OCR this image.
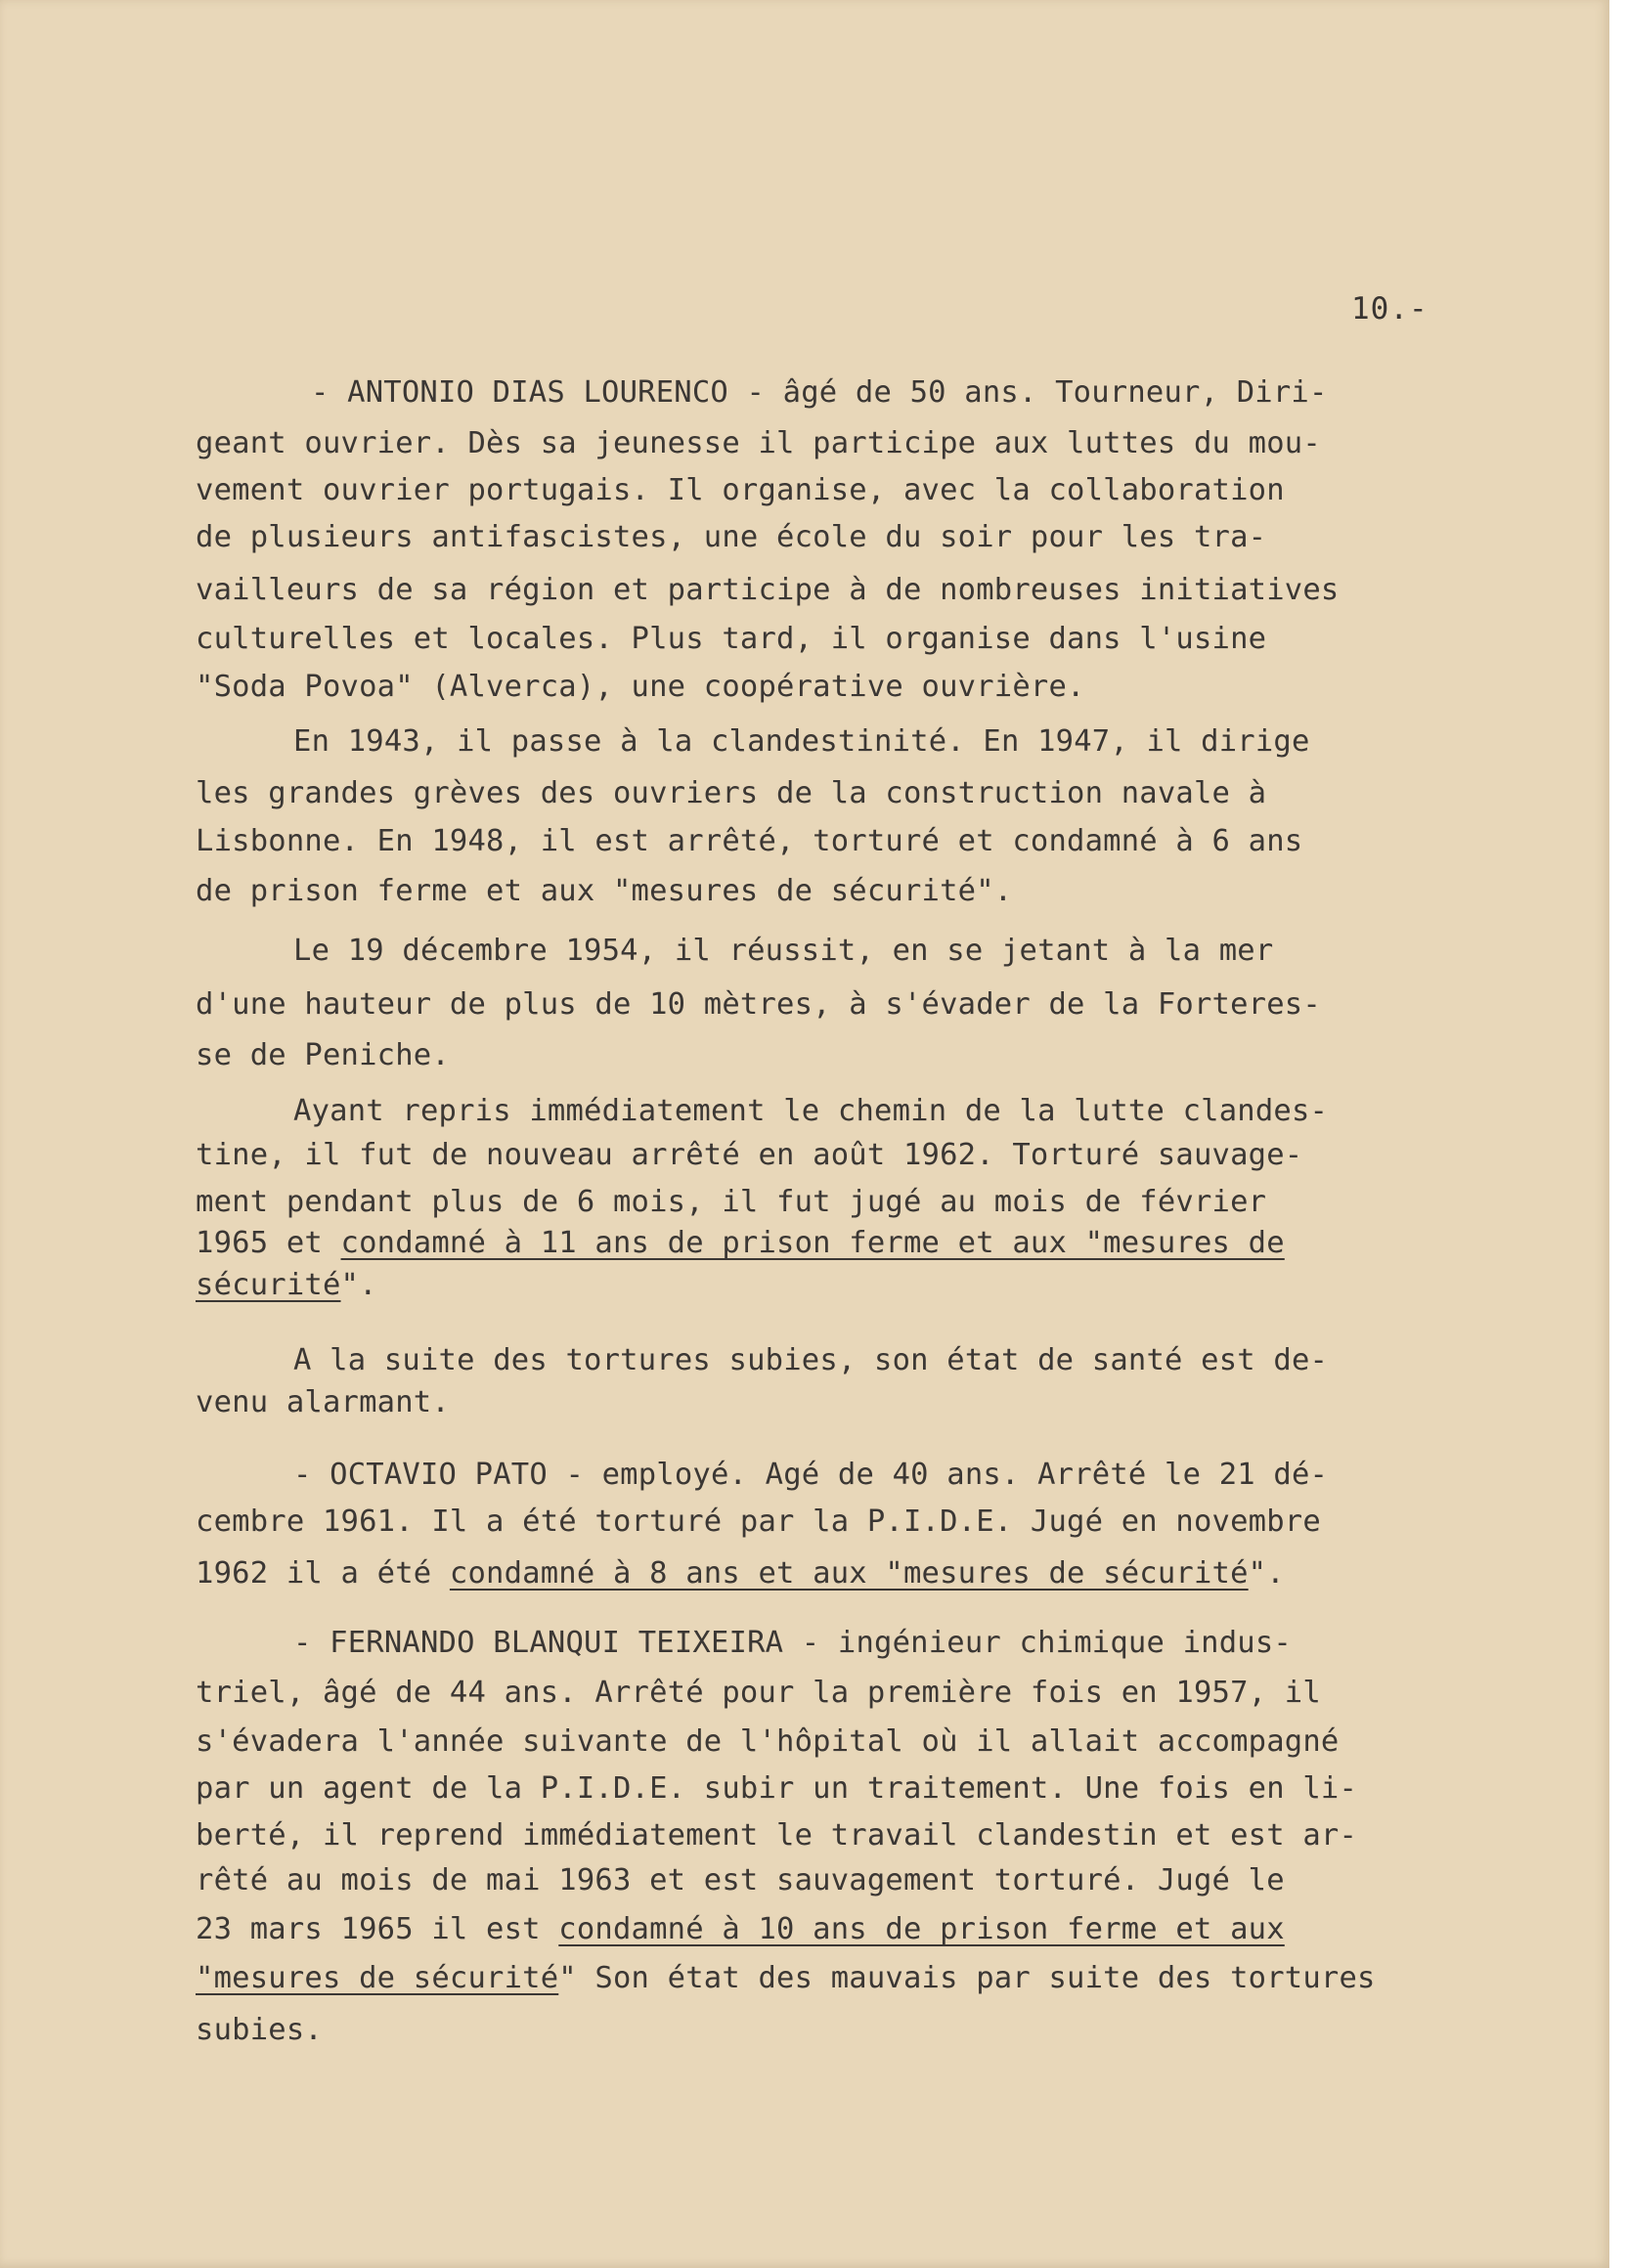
10.-

- ANTONIO DIAS LOURENCO - âgé de 50 ans. Tourneur, Diri-
geant ouvrier. Dès sa jeunesse il participe aux luttes du mou-
vement ouvrier portugais. Il organise, avec la collaboration
de plusieurs antifascistes, une école du soir pour les tra-
vailleurs de sa région et participe à de nombreuses initiatives
culturelles et locales. Plus tard, il organise dans l'usine
"Soda Povoa" (Alverca), une coopérative ouvrière.
En 1943, il passe à la clandestinité. En 1947, il dirige
les grandes grèves des ouvriers de la construction navale à
Lisbonne. En 1948, il est arrêté, torturé et condamné à 6 ans
de prison ferme et aux "mesures de sécurité".
Le 19 décembre 1954, il réussit, en se jetant à la mer
d'une hauteur de plus de 10 mètres, à s'évader de la Forteres-
se de Peniche.
Ayant repris immédiatement le chemin de la lutte clandes-
tine, il fut de nouveau arrêté en août 1962. Torturé sauvage-
ment pendant plus de 6 mois, il fut jugé au mois de février
1965 et condamné à 11 ans de prison ferme et aux "mesures de
sécurité".
A la suite des tortures subies, son état de santé est de-
venu alarmant.
- OCTAVIO PATO - employé. Agé de 40 ans. Arrêté le 21 dé-
cembre 1961. Il a été torturé par la P.I.D.E. Jugé en novembre
1962 il a été condamné à 8 ans et aux "mesures de sécurité".
- FERNANDO BLANQUI TEIXEIRA - ingénieur chimique indus-
triel, âgé de 44 ans. Arrêté pour la première fois en 1957, il
s'évadera l'année suivante de l'hôpital où il allait accompagné
par un agent de la P.I.D.E. subir un traitement. Une fois en li-
berté, il reprend immédiatement le travail clandestin et est ar-
rêté au mois de mai 1963 et est sauvagement torturé. Jugé le
23 mars 1965 il est condamné à 10 ans de prison ferme et aux
"mesures de sécurité" Son état des mauvais par suite des tortures
subies.
